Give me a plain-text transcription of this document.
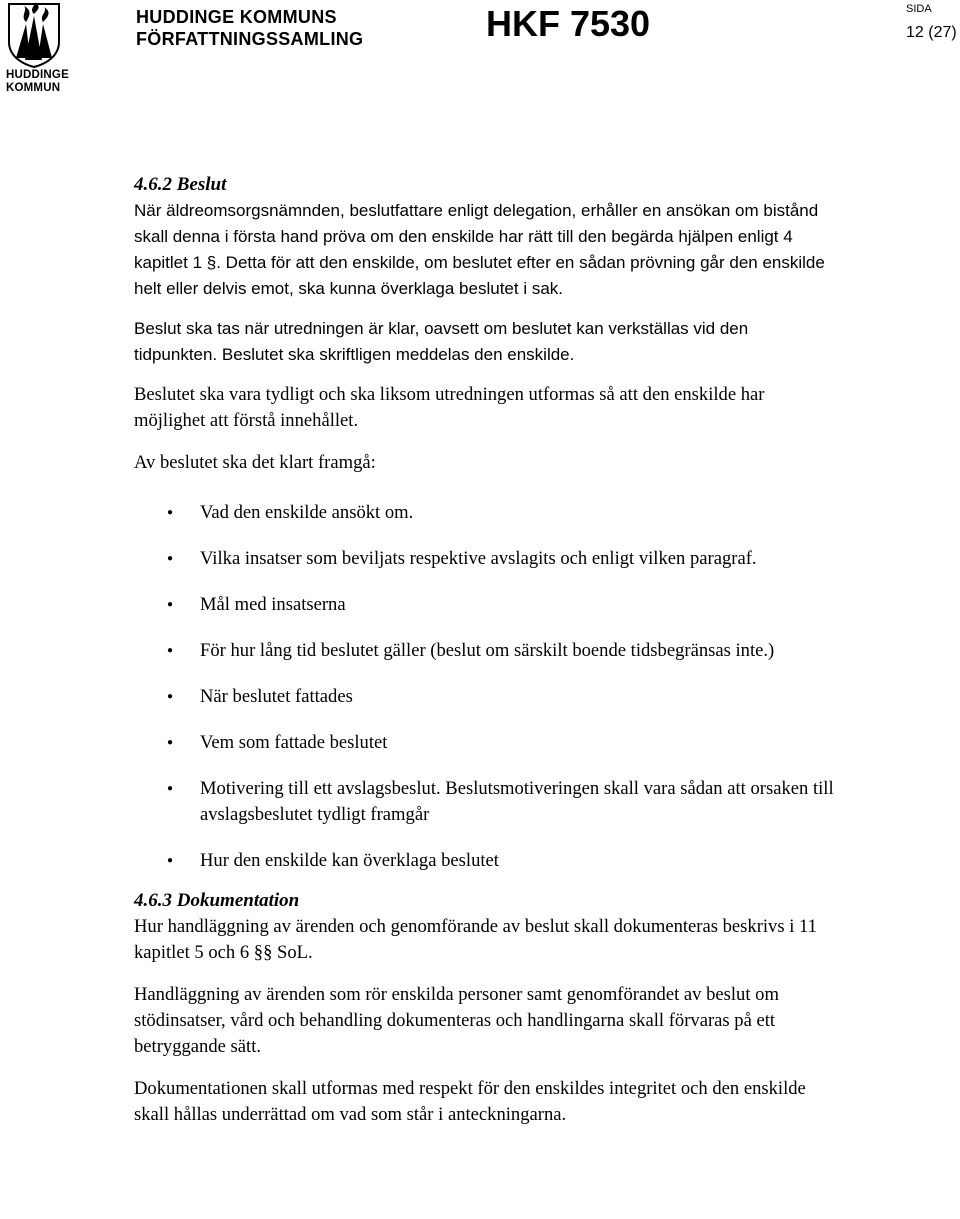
HUDDINGE
KOMMUN
HUDDINGE KOMMUNS
FÖRFATTNINGSSAMLING	HKF 7530	SIDA
12 (27)
4.6.2 Beslut

När äldreomsorgsnämnden, beslutfattare enligt delegation, erhåller en ansökan om bistånd skall denna i första hand pröva om den enskilde har rätt till den begärda hjälpen enligt 4 kapitlet 1 §. Detta för att den enskilde, om beslutet efter en sådan prövning går den enskilde helt eller delvis emot, ska kunna överklaga beslutet i sak.

Beslut ska tas när utredningen är klar, oavsett om beslutet kan verkställas vid den tidpunkten. Beslutet ska skriftligen meddelas den enskilde.

Beslutet ska vara tydligt och ska liksom utredningen utformas så att den enskilde har möjlighet att förstå innehållet.

Av beslutet ska det klart framgå:

● Vad den enskilde ansökt om.
● Vilka insatser som beviljats respektive avslagits och enligt vilken paragraf.
● Mål med insatserna
● För hur lång tid beslutet gäller (beslut om särskilt boende tidsbegränsas inte.)
● När beslutet fattades
● Vem som fattade beslutet
● Motivering till ett avslagsbeslut. Beslutsmotiveringen skall vara sådan att orsaken till avslagsbeslutet tydligt framgår
● Hur den enskilde kan överklaga beslutet
4.6.3 Dokumentation

Hur handläggning av ärenden och genomförande av beslut skall dokumenteras beskrivs i 11 kapitlet 5 och 6 §§ SoL.

Handläggning av ärenden som rör enskilda personer samt genomförandet av beslut om stödinsatser, vård och behandling dokumenteras och handlingarna skall förvaras på ett betryggande sätt.

Dokumentationen skall utformas med respekt för den enskildes integritet och den enskilde skall hållas underrättad om vad som står i anteckningarna.
